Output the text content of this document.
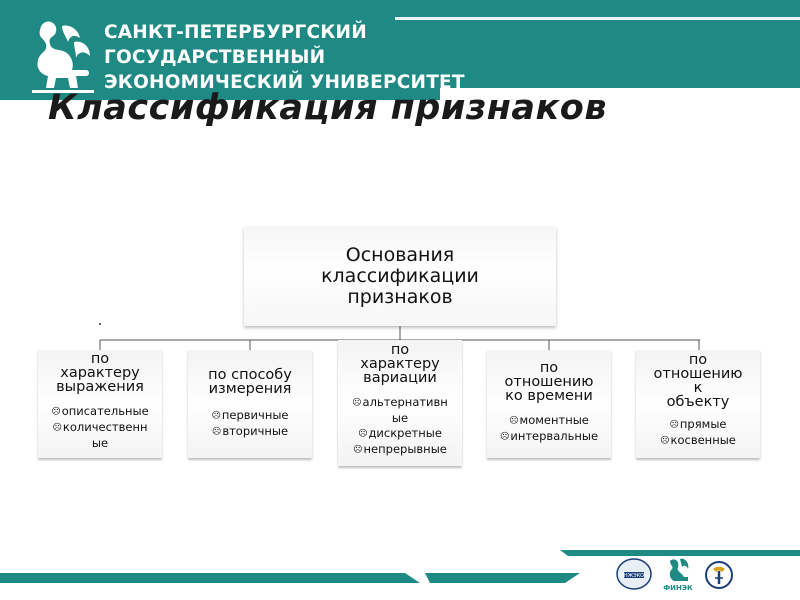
САНКТ-ПЕТЕРБУРГСКИЙ
ГОСУДАРСТВЕННЫЙ
ЭКОНОМИЧЕСКИЙ УНИВЕРСИТЕТ
Классификация признаков
Основания
классификации
признаков
по
характеру
выражения
☹описательные
☹количественн
ые
по способу
измерения
☹первичные
☹вторичные
по
характеру
вариации
☹альтернативн
ые
☹дискретные
☹непрерывные
по
отношению
ко времени
☹моментные
☹интервальные
по
отношению
к
объекту
☹прямые
☹косвенные
ИНЖЭКОН
ФИНЭК
